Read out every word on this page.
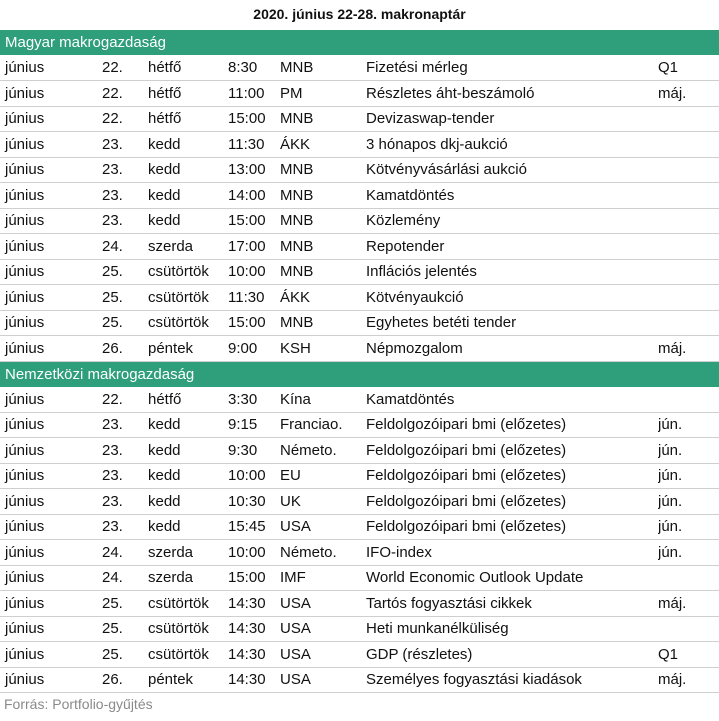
2020. június 22-28. makronaptár
Magyar makrogazdaság
június	22.	hétfő	8:30	MNB	Fizetési mérleg	Q1
június	22.	hétfő	11:00	PM	Részletes áht-beszámoló	máj.
június	22.	hétfő	15:00	MNB	Devizaswap-tender	
június	23.	kedd	11:30	ÁKK	3 hónapos dkj-aukció	
június	23.	kedd	13:00	MNB	Kötvényvásárlási aukció	
június	23.	kedd	14:00	MNB	Kamatdöntés	
június	23.	kedd	15:00	MNB	Közlemény	
június	24.	szerda	17:00	MNB	Repotender	
június	25.	csütörtök	10:00	MNB	Inflációs jelentés	
június	25.	csütörtök	11:30	ÁKK	Kötvényaukció	
június	25.	csütörtök	15:00	MNB	Egyhetes betéti tender	
június	26.	péntek	9:00	KSH	Népmozgalom	máj.
Nemzetközi makrogazdaság
június	22.	hétfő	3:30	Kína	Kamatdöntés	
június	23.	kedd	9:15	Franciao.	Feldolgozóipari bmi (előzetes)	jún.
június	23.	kedd	9:30	Németo.	Feldolgozóipari bmi (előzetes)	jún.
június	23.	kedd	10:00	EU	Feldolgozóipari bmi (előzetes)	jún.
június	23.	kedd	10:30	UK	Feldolgozóipari bmi (előzetes)	jún.
június	23.	kedd	15:45	USA	Feldolgozóipari bmi (előzetes)	jún.
június	24.	szerda	10:00	Németo.	IFO-index	jún.
június	24.	szerda	15:00	IMF	World Economic Outlook Update	
június	25.	csütörtök	14:30	USA	Tartós fogyasztási cikkek	máj.
június	25.	csütörtök	14:30	USA	Heti munkanélküliség	
június	25.	csütörtök	14:30	USA	GDP (részletes)	Q1
június	26.	péntek	14:30	USA	Személyes fogyasztási kiadások	máj.
Forrás: Portfolio-gyűjtés
